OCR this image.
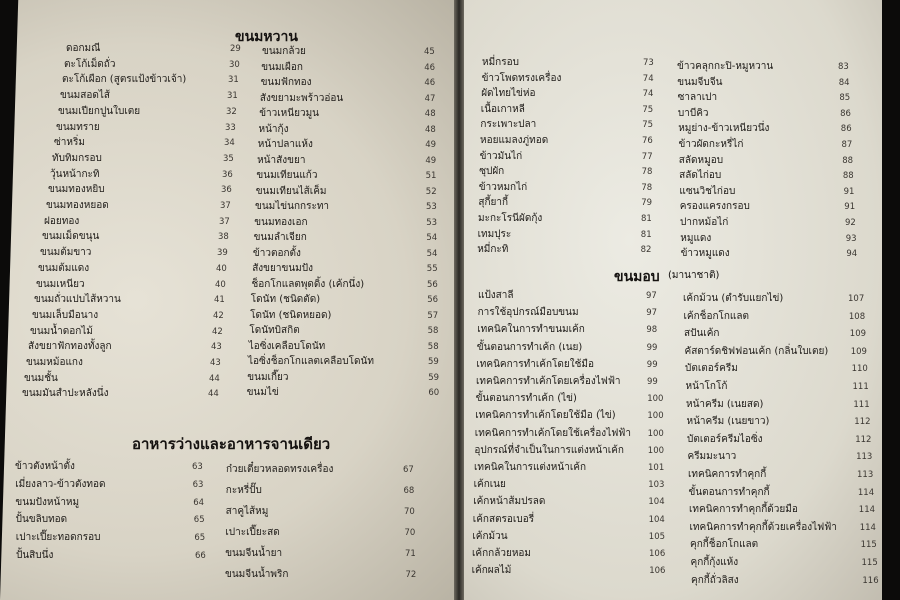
ขนมหวาน
อาหารว่างและอาหารจานเดียว
ขนมอบ (มานาชาติ)
ดอกมณี	29
ตะโก้เม็ดถั่ว	30
ตะโก้เผือก (สูตรแป้งข้าวเจ้า)	31
ขนมสอดไส้	31
ขนมเปียกปูนใบเตย	32
ขนมทราย	33
ซ่าหริ่ม	34
ทับทิมกรอบ	35
วุ้นหน้ากะทิ	36
ขนมทองหยิบ	36
ขนมทองหยอด	37
ฝอยทอง	37
ขนมเม็ดขนุน	38
ขนมต้มขาว	39
ขนมต้มแดง	40
ขนมเหนียว	40
ขนมถั่วแปบไส้หวาน	41
ขนมเล็บมือนาง	42
ขนมน้ำดอกไม้	42
สังขยาฟักทองทั้งลูก	43
ขนมหม้อแกง	43
ขนมชั้น	44
ขนมมันสำปะหลังนึ่ง	44
ขนมกล้วย	45
ขนมเผือก	46
ขนมฟักทอง	46
สังขยามะพร้าวอ่อน	47
ข้าวเหนียวมูน	48
หน้ากุ้ง	48
หน้าปลาแห้ง	49
หน้าสังขยา	49
ขนมเทียนแก้ว	51
ขนมเทียนไส้เค็ม	52
ขนมไข่นกกระทา	53
ขนมทองเอก	53
ขนมลำเจียก	54
ข้าวตอกตั้ง	54
สังขยาขนมปัง	55
ช็อกโกแลตพุดดิ้ง (เค้กนึ่ง)	56
โดนัท (ชนิดตัด)	56
โดนัท (ชนิดหยอด)	57
โดนัทบิสกิต	58
ไอซิ่งเคลือบโดนัท	58
ไอซิ่งช็อกโกแลตเคลือบโดนัท	59
ขนมเกี๊ยว	59
ขนมไข่	60
ข้าวตังหน้าตั้ง	63
เมี่ยงลาว-ข้าวตังทอด	63
ขนมปังหน้าหมู	64
ปั้นขลิบทอด	65
เปาะเปี๊ยะทอดกรอบ	65
ปั้นสิบนึ่ง	66
ก๋วยเตี๋ยวหลอดทรงเครื่อง	67
กะหรี่ปั๊บ	68
สาคูไส้หมู	70
เปาะเปี๊ยะสด	70
ขนมจีนน้ำยา	71
ขนมจีนน้ำพริก	72
หมี่กรอบ	73
ข้าวโพดทรงเครื่อง	74
ผัดไทยไข่ห่อ	74
เนื้อเกาหลี	75
กระเพาะปลา	75
หอยแมลงภู่ทอด	76
ข้าวมันไก่	77
ซุปผัก	78
ข้าวหมกไก่	78
สุกี้ยากี้	79
มะกะโรนีผัดกุ้ง	81
เทมปุระ	81
หมี่กะทิ	82
ข้าวคลุกกะปิ-หมูหวาน	83
ขนมจีบจีน	84
ซาลาเปา	85
บาบีคิว	86
หมูย่าง-ข้าวเหนียวนึ่ง	86
ข้าวผัดกะหรี่ไก่	87
สลัดหมูอบ	88
สลัดไก่อบ	88
แซนวิชไก่อบ	91
ครองแครงกรอบ	91
ปากหม้อไก่	92
หมูแดง	93
ข้าวหมูแดง	94
แป้งสาลี	97
การใช้อุปกรณ์มือบขนม	97
เทคนิคในการทำขนมเค้ก	98
ขั้นตอนการทำเค้ก (เนย)	99
เทคนิคการทำเค้กโดยใช้มือ	99
เทคนิคการทำเค้กโดยเครื่องไฟฟ้า	99
ขั้นตอนการทำเค้ก (ไข่)	100
เทคนิคการทำเค้กโดยใช้มือ (ไข่)	100
เทคนิคการทำเค้กโดยใช้เครื่องไฟฟ้า 100
อุปกรณ์ที่จำเป็นในการแต่งหน้าเค้ก	100
เทคนิคในการแต่งหน้าเค้ก	101
เค้กเนย	103
เค้กหน้าส้มปรลด	104
เค้กสตรอเบอรี่	104
เค้กม้วน	105
เค้กกล้วยหอม	106
เค้กผลไม้	106
เค้กม้วน (ตำรับแยกไข่)	107
เค้กช็อกโกแลต	108
สปันเค้ก	109
คัสตาร์ดชิฟฟอนเค้ก (กลิ่นใบเตย)	109
บัตเตอร์ครีม	110
หน้าโกโก้	111
หน้าครีม (เนยสด)	111
หน้าครีม (เนยขาว)	112
บัตเตอร์ครีมไอซิ่ง	112
ครีมมะนาว	113
เทคนิคการทำคุกกี้	113
ขั้นตอนการทำคุกกี้	114
เทคนิคการทำคุกกี้ด้วยมือ	114
เทคนิคการทำคุกกี้ด้วยเครื่องไฟฟ้า	114
คุกกี้ช็อกโกแลต	115
คุกกี้กุ้งแห้ง	115
คุกกี้ถั่วลิสง	116
